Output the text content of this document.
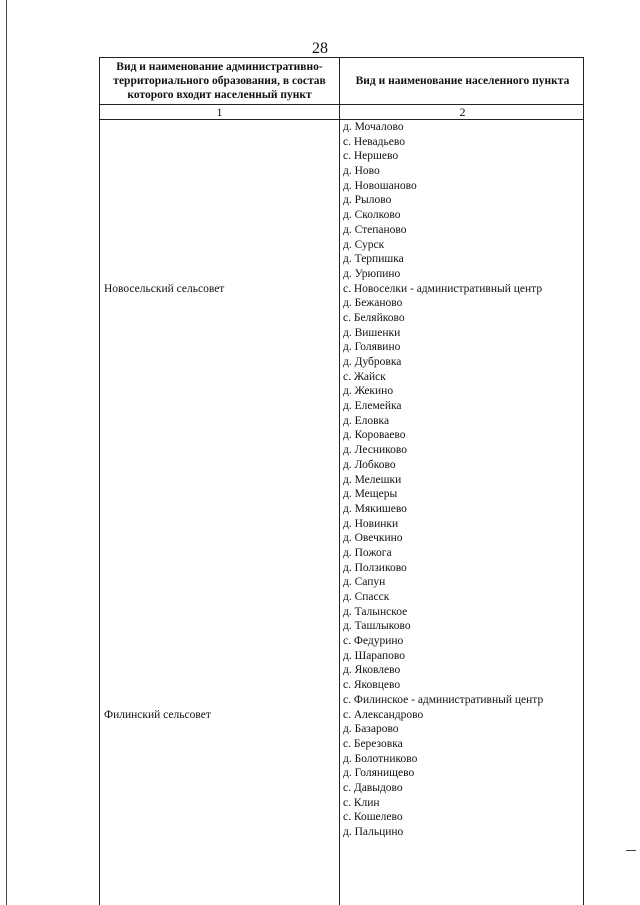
28
Вид и наименование административно-территориального образования, в состав которого входит населенный пункт
Вид и наименование населенного пункта
1	2
Новосельский сельсовет
Филинский сельсовет
д. Мочалово
с. Невадьево
с. Нершево
д. Ново
д. Новошаново
д. Рылово
д. Сколково
д. Степаново
д. Сурск
д. Терпишка
д. Урюпино
с. Новоселки - административный центр
д. Бежаново
с. Беляйково
д. Вишенки
д. Голявино
д. Дубровка
с. Жайск
д. Жекино
д. Елемейка
д. Еловка
д. Короваево
д. Лесниково
д. Лобково
д. Мелешки
д. Мещеры
д. Мякишево
д. Новинки
д. Овечкино
д. Пожога
д. Ползиково
д. Сапун
д. Спасск
д. Талынское
д. Ташлыково
с. Федурино
д. Шарапово
д. Яковлево
с. Яковцево
с. Филинское - административный центр
с. Александрово
д. Базарово
с. Березовка
д. Болотниково
д. Голянищево
с. Давыдово
с. Клин
с. Кошелево
д. Пальцино
